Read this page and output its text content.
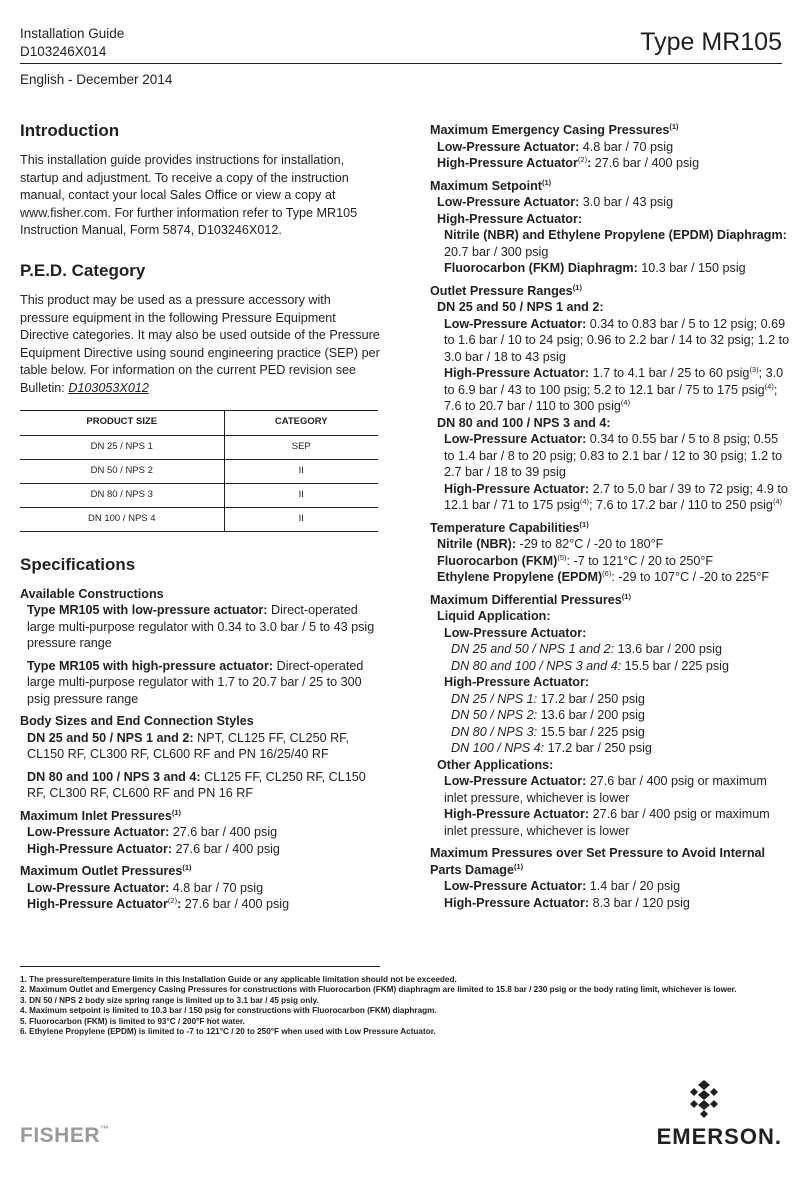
Installation Guide
D103246X014	Type MR105
English - December 2014
Introduction

This installation guide provides instructions for installation, startup and adjustment. To receive a copy of the instruction manual, contact your local Sales Office or view a copy at www.fisher.com. For further information refer to Type MR105 Instruction Manual, Form 5874, D103246X012.

P.E.D. Category

This product may be used as a pressure accessory with pressure equipment in the following Pressure Equipment Directive categories. It may also be used outside of the Pressure Equipment Directive using sound engineering practice (SEP) per table below. For information on the current PED revision see Bulletin: D103053X012

PRODUCT SIZE	CATEGORY
DN 25 / NPS 1	SEP
DN 50 / NPS 2	II
DN 80 / NPS 3	II
DN 100 / NPS 4	II
Specifications
Available Constructions
Type MR105 with low-pressure actuator: Direct-operated large multi-purpose regulator with 0.34 to 3.0 bar / 5 to 43 psig pressure range
Type MR105 with high-pressure actuator: Direct-operated large multi-purpose regulator with 1.7 to 20.7 bar / 25 to 300 psig pressure range
Body Sizes and End Connection Styles
DN 25 and 50 / NPS 1 and 2: NPT, CL125 FF, CL250 RF, CL150 RF, CL300 RF, CL600 RF and PN 16/25/40 RF
DN 80 and 100 / NPS 3 and 4: CL125 FF, CL250 RF, CL150 RF, CL300 RF, CL600 RF and PN 16 RF
Maximum Inlet Pressures$^{(1)}$
Low-Pressure Actuator: 27.6 bar / 400 psig
High-Pressure Actuator: 27.6 bar / 400 psig
Maximum Outlet Pressures$^{(1)}$
Low-Pressure Actuator: 4.8 bar / 70 psig
High-Pressure Actuator$^{(2)}$: 27.6 bar / 400 psig
Maximum Emergency Casing Pressures$^{(1)}$
Low-Pressure Actuator: 4.8 bar / 70 psig
High-Pressure Actuator$^{(2)}$: 27.6 bar / 400 psig
Maximum Setpoint$^{(1)}$
Low-Pressure Actuator: 3.0 bar / 43 psig
High-Pressure Actuator:
Nitrile (NBR) and Ethylene Propylene (EPDM) Diaphragm: 20.7 bar / 300 psig
Fluorocarbon (FKM) Diaphragm: 10.3 bar / 150 psig
Outlet Pressure Ranges$^{(1)}$
DN 25 and 50 / NPS 1 and 2:
Low-Pressure Actuator: 0.34 to 0.83 bar / 5 to 12 psig; 0.69 to 1.6 bar / 10 to 24 psig; 0.96 to 2.2 bar / 14 to 32 psig; 1.2 to 3.0 bar / 18 to 43 psig
High-Pressure Actuator: 1.7 to 4.1 bar / 25 to 60 psig$^{(3)}$; 3.0 to 6.9 bar / 43 to 100 psig; 5.2 to 12.1 bar / 75 to 175 psig$^{(4)}$; 7.6 to 20.7 bar / 110 to 300 psig$^{(4)}$
DN 80 and 100 / NPS 3 and 4:
Low-Pressure Actuator: 0.34 to 0.55 bar / 5 to 8 psig; 0.55 to 1.4 bar / 8 to 20 psig; 0.83 to 2.1 bar / 12 to 30 psig; 1.2 to 2.7 bar / 18 to 39 psig
High-Pressure Actuator: 2.7 to 5.0 bar / 39 to 72 psig; 4.9 to 12.1 bar / 71 to 175 psig$^{(4)}$; 7.6 to 17.2 bar / 110 to 250 psig$^{(4)}$
Temperature Capabilities$^{(1)}$
Nitrile (NBR): -29 to 82°C / -20 to 180°F
Fluorocarbon (FKM)$^{(5)}$: -7 to 121°C / 20 to 250°F
Ethylene Propylene (EPDM)$^{(6)}$: -29 to 107°C / -20 to 225°F
Maximum Differential Pressures$^{(1)}$
Liquid Application:
Low-Pressure Actuator:
DN 25 and 50 / NPS 1 and 2: 13.6 bar / 200 psig
DN 80 and 100 / NPS 3 and 4: 15.5 bar / 225 psig
High-Pressure Actuator:
DN 25 / NPS 1: 17.2 bar / 250 psig
DN 50 / NPS 2: 13.6 bar / 200 psig
DN 80 / NPS 3: 15.5 bar / 225 psig
DN 100 / NPS 4: 17.2 bar / 250 psig
Other Applications:
Low-Pressure Actuator: 27.6 bar / 400 psig or maximum inlet pressure, whichever is lower
High-Pressure Actuator: 27.6 bar / 400 psig or maximum inlet pressure, whichever is lower
Maximum Pressures over Set Pressure to Avoid Internal Parts Damage$^{(1)}$
Low-Pressure Actuator: 1.4 bar / 20 psig
High-Pressure Actuator: 8.3 bar / 120 psig
1. The pressure/temperature limits in this Installation Guide or any applicable limitation should not be exceeded.
2. Maximum Outlet and Emergency Casing Pressures for constructions with Fluorocarbon (FKM) diaphragm are limited to 15.8 bar / 230 psig or the body rating limit, whichever is lower.
3. DN 50 / NPS 2 body size spring range is limited up to 3.1 bar / 45 psig only.
4. Maximum setpoint is limited to 10.3 bar / 150 psig for constructions with Fluorocarbon (FKM) diaphragm.
5. Fluorocarbon (FKM) is limited to 93°C / 200°F hot water.
6. Ethylene Propylene (EPDM) is limited to -7 to 121°C / 20 to 250°F when used with Low Pressure Actuator.
FISHER™	EMERSON.
